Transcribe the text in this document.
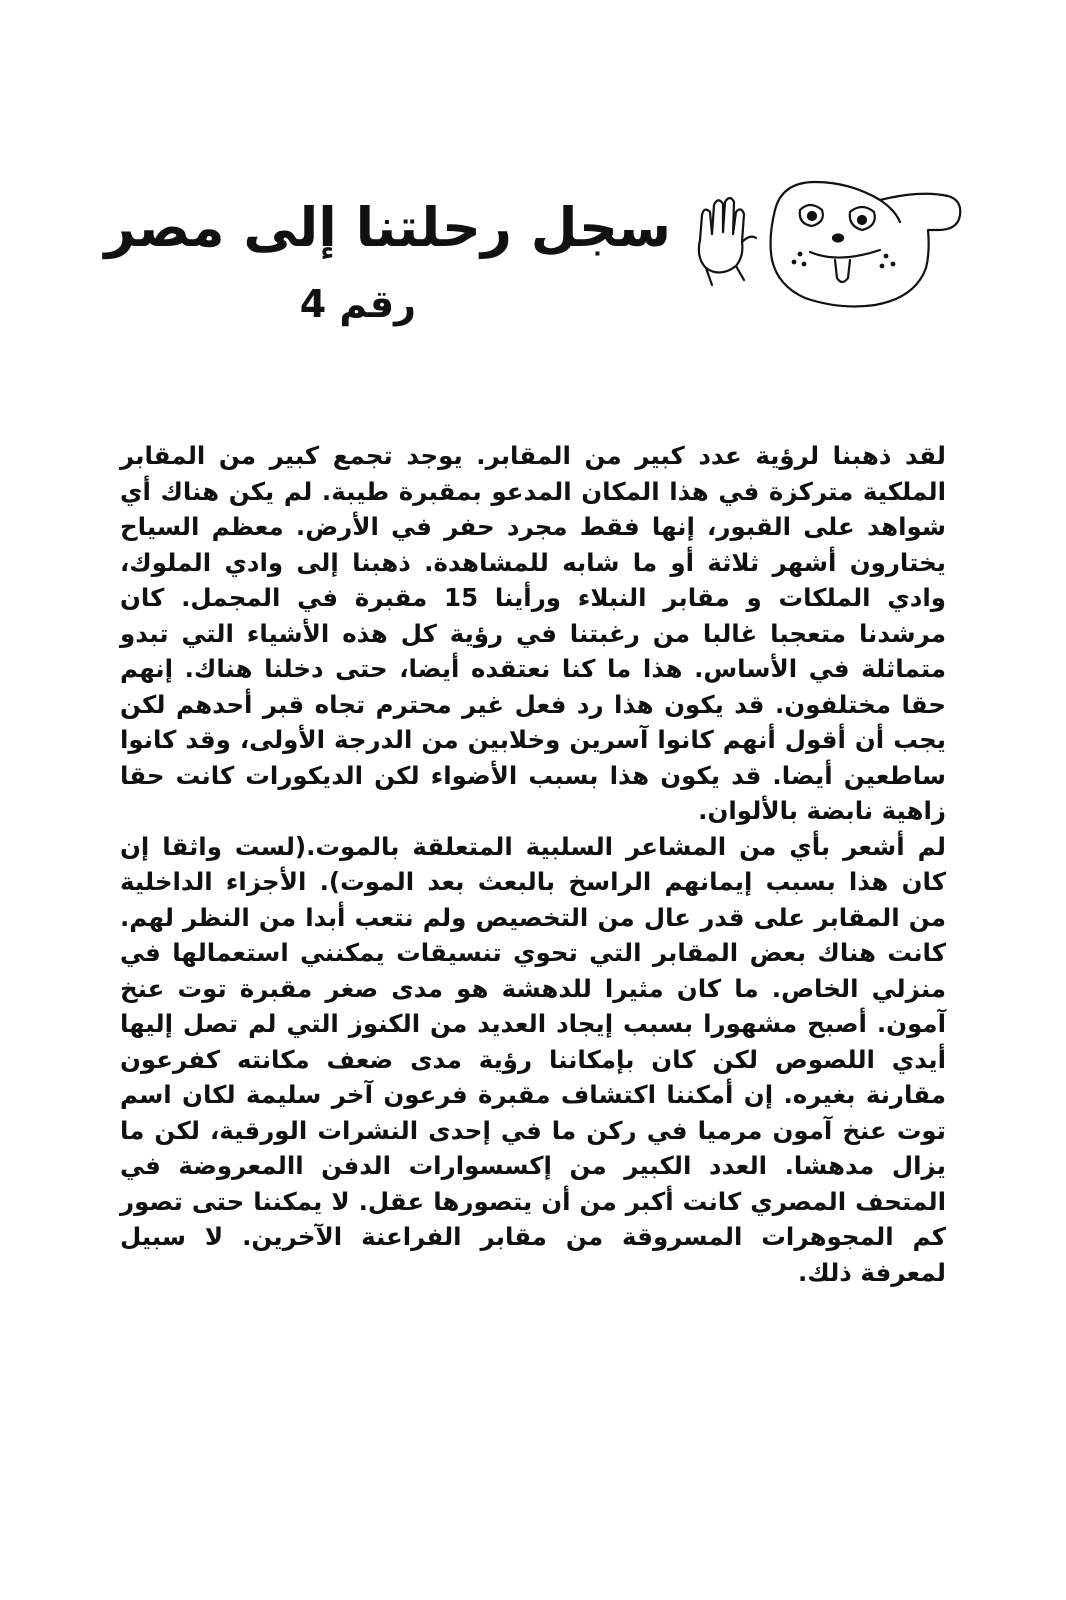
سجل رحلتنا إلى مصر
رقم 4

لقد ذهبنا لرؤية عدد كبير من المقابر. يوجد تجمع كبير من المقابر الملكية متركزة في هذا المكان المدعو بمقبرة طيبة. لم يكن هناك أي شواهد على القبور، إنها فقط مجرد حفر في الأرض. معظم السياح يختارون أشهر ثلاثة أو ما شابه للمشاهدة. ذهبنا إلى وادي الملوك، وادي الملكات و مقابر النبلاء ورأينا 15 مقبرة في المجمل. كان مرشدنا متعجبا غالبا من رغبتنا في رؤية كل هذه الأشياء التي تبدو متماثلة في الأساس. هذا ما كنا نعتقده أيضا، حتى دخلنا هناك. إنهم حقا مختلفون. قد يكون هذا رد فعل غير محترم تجاه قبر أحدهم لكن يجب أن أقول أنهم كانوا آسرين وخلابين من الدرجة الأولى، وقد كانوا ساطعين أيضا. قد يكون هذا بسبب الأضواء لكن الديكورات كانت حقا زاهية نابضة بالألوان.

لم أشعر بأي من المشاعر السلبية المتعلقة بالموت.(لست واثقا إن كان هذا بسبب إيمانهم الراسخ بالبعث بعد الموت). الأجزاء الداخلية من المقابر على قدر عال من التخصيص ولم نتعب أبدا من النظر لهم. كانت هناك بعض المقابر التي تحوي تنسيقات يمكنني استعمالها في منزلي الخاص. ما كان مثيرا للدهشة هو مدى صغر مقبرة توت عنخ آمون. أصبح مشهورا بسبب إيجاد العديد من الكنوز التي لم تصل إليها أيدي اللصوص لكن كان بإمكاننا رؤية مدى ضعف مكانته كفرعون مقارنة بغيره. إن أمكننا اكتشاف مقبرة فرعون آخر سليمة لكان اسم توت عنخ آمون مرميا في ركن ما في إحدى النشرات الورقية، لكن ما يزال مدهشا. العدد الكبير من إكسسوارات الدفن االمعروضة في المتحف المصري كانت أكبر من أن يتصورها عقل. لا يمكننا حتى تصور كم المجوهرات المسروقة من مقابر الفراعنة الآخرين. لا سبيل لمعرفة ذلك.
